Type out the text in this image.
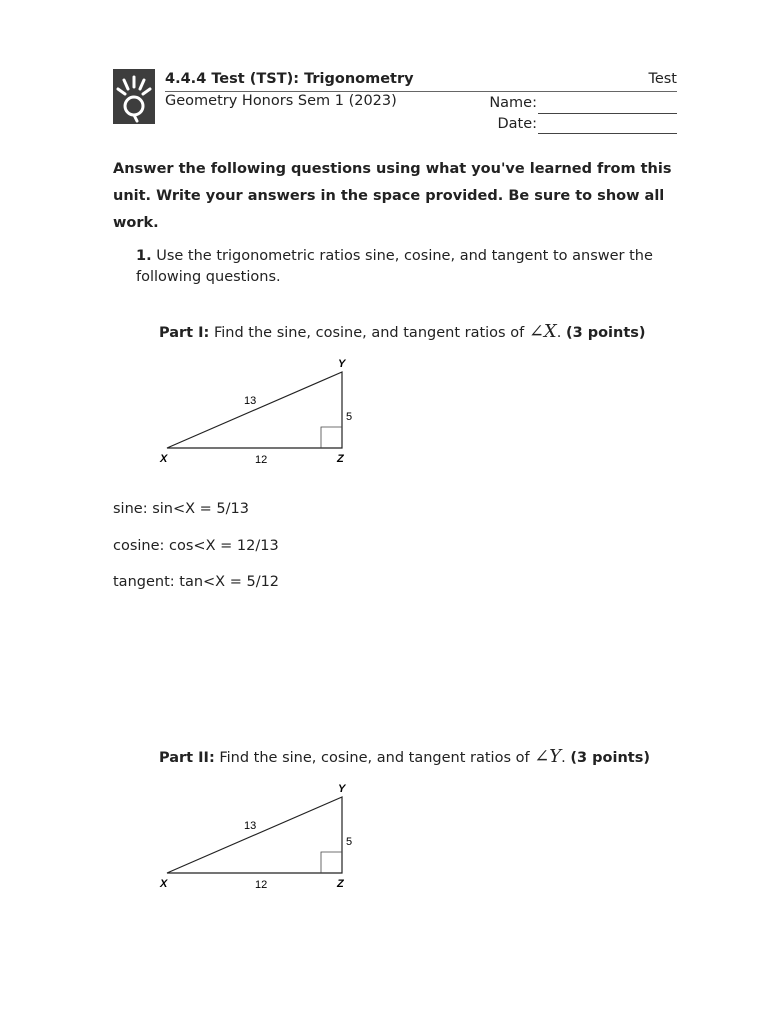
4.4.4 Test (TST): Trigonometry	Test
Geometry Honors Sem 1 (2023)	Name:
Date:
Answer the following questions using what you've learned from this unit. Write your answers in the space provided. Be sure to show all work.
1. Use the trigonometric ratios sine, cosine, and tangent to answer the following questions.
Part I: Find the sine, cosine, and tangent ratios of ∠X. (3 points)
X
Y
Z
13
12
5
sine: sin<X = 5/13
cosine: cos<X = 12/13
tangent: tan<X = 5/12
Part II: Find the sine, cosine, and tangent ratios of ∠Y. (3 points)
X
Y
Z
13
12
5
